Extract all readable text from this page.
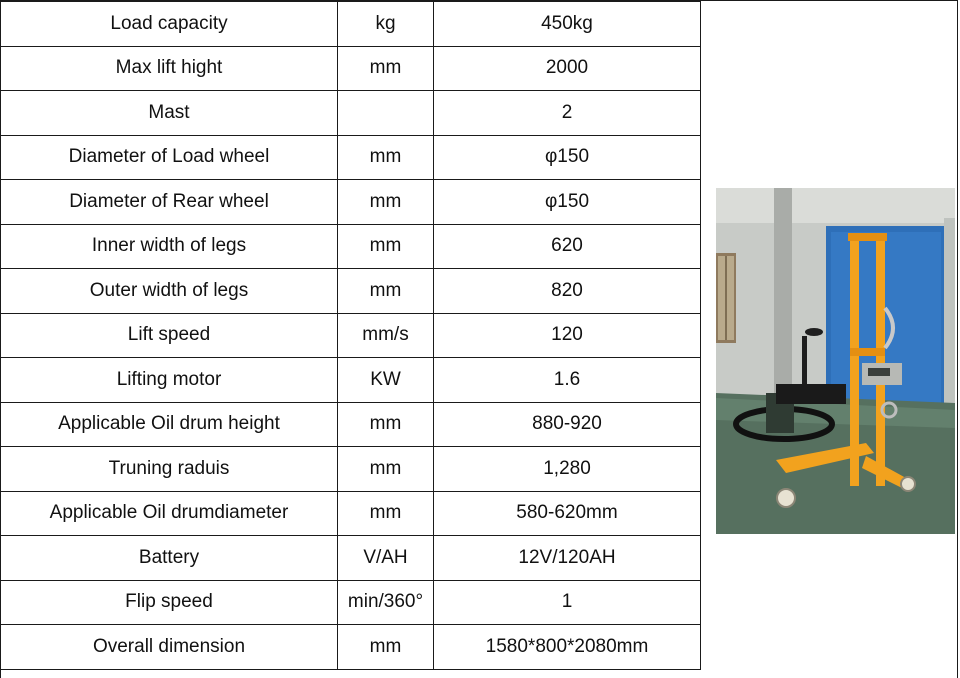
Load capacity	kg	450kg
Max lift hight	mm	2000
Mast		2
Diameter of Load wheel	mm	φ150
Diameter of Rear wheel	mm	φ150
Inner width of legs	mm	620
Outer width of legs	mm	820
Lift speed	mm/s	120
Lifting motor	KW	1.6
Applicable Oil drum height	mm	880-920
Truning raduis	mm	1,280
Applicable Oil drumdiameter	mm	580-620mm
Battery	V/AH	12V/120AH
Flip speed	min/360°	1
Overall dimension	mm	1580*800*2080mm
